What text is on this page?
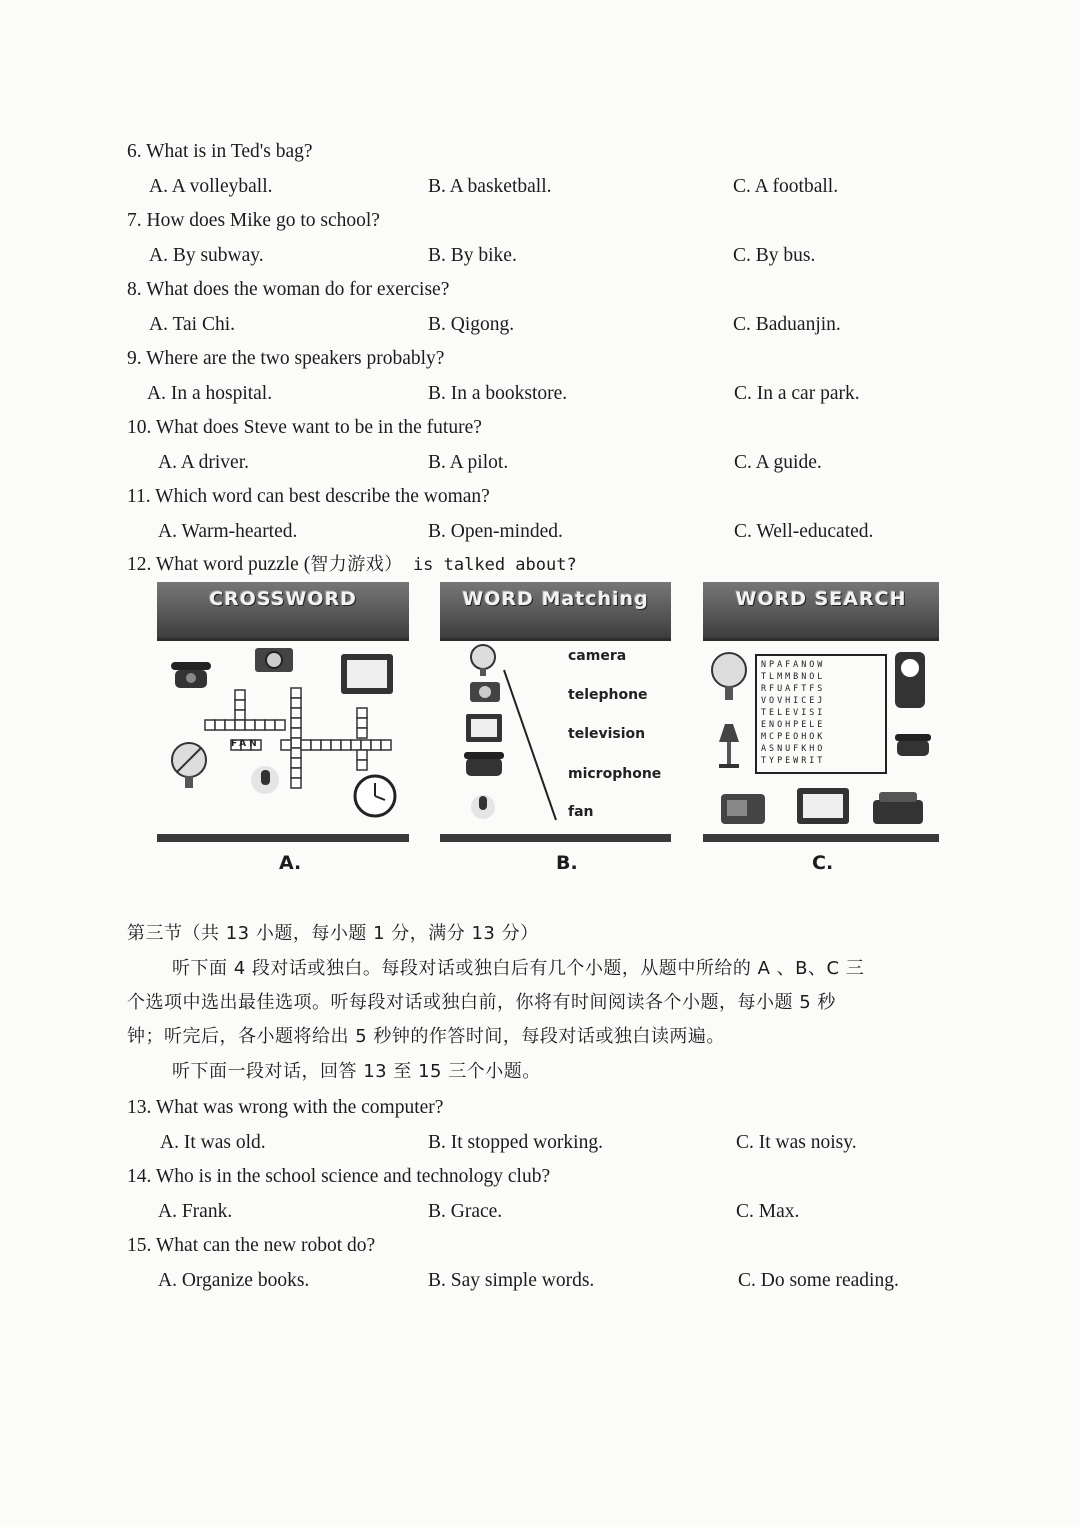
6. What is in Ted's bag?
A. A volleyball.	B. A basketball.	C. A football.
7. How does Mike go to school?
A. By subway.	B. By bike.	C. By bus.
8. What does the woman do for exercise?
A. Tai Chi.	B. Qigong.	C. Baduanjin.
9. Where are the two speakers probably?
A. In a hospital.	B. In a bookstore.	C. In a car park.
10. What does Steve want to be in the future?
A. A driver.	B. A pilot.	C. A guide.
11. Which word can best describe the woman?
A. Warm-hearted.	B. Open-minded.	C. Well-educated.
12. What word puzzle (智力游戏） is talked about?
CROSSWORD
FAN
A.
WORD Matching
camera
telephone
television
microphone
fan
B.
WORD SEARCH
NPAFANOW
TLMMBNOL
RFUAFTFS
VOVHICEJ
TELEVISI
ENOHPELE
MCPEOHOK
ASNUFKHO
TYPEWRIT
C.
第三节（共 13 小题，每小题 1 分，满分 13 分）
听下面 4 段对话或独白。每段对话或独白后有几个小题，从题中所给的 A 、B、C 三
个选项中选出最佳选项。听每段对话或独白前，你将有时间阅读各个小题，每小题 5 秒
钟；听完后，各小题将给出 5 秒钟的作答时间，每段对话或独白读两遍。
听下面一段对话，回答 13 至 15 三个小题。
13. What was wrong with the computer?
A. It was old.	B. It stopped working.	C. It was noisy.
14. Who is in the school science and technology club?
A. Frank.	B. Grace.	C. Max.
15. What can the new robot do?
A. Organize books.	B. Say simple words.	C. Do some reading.
